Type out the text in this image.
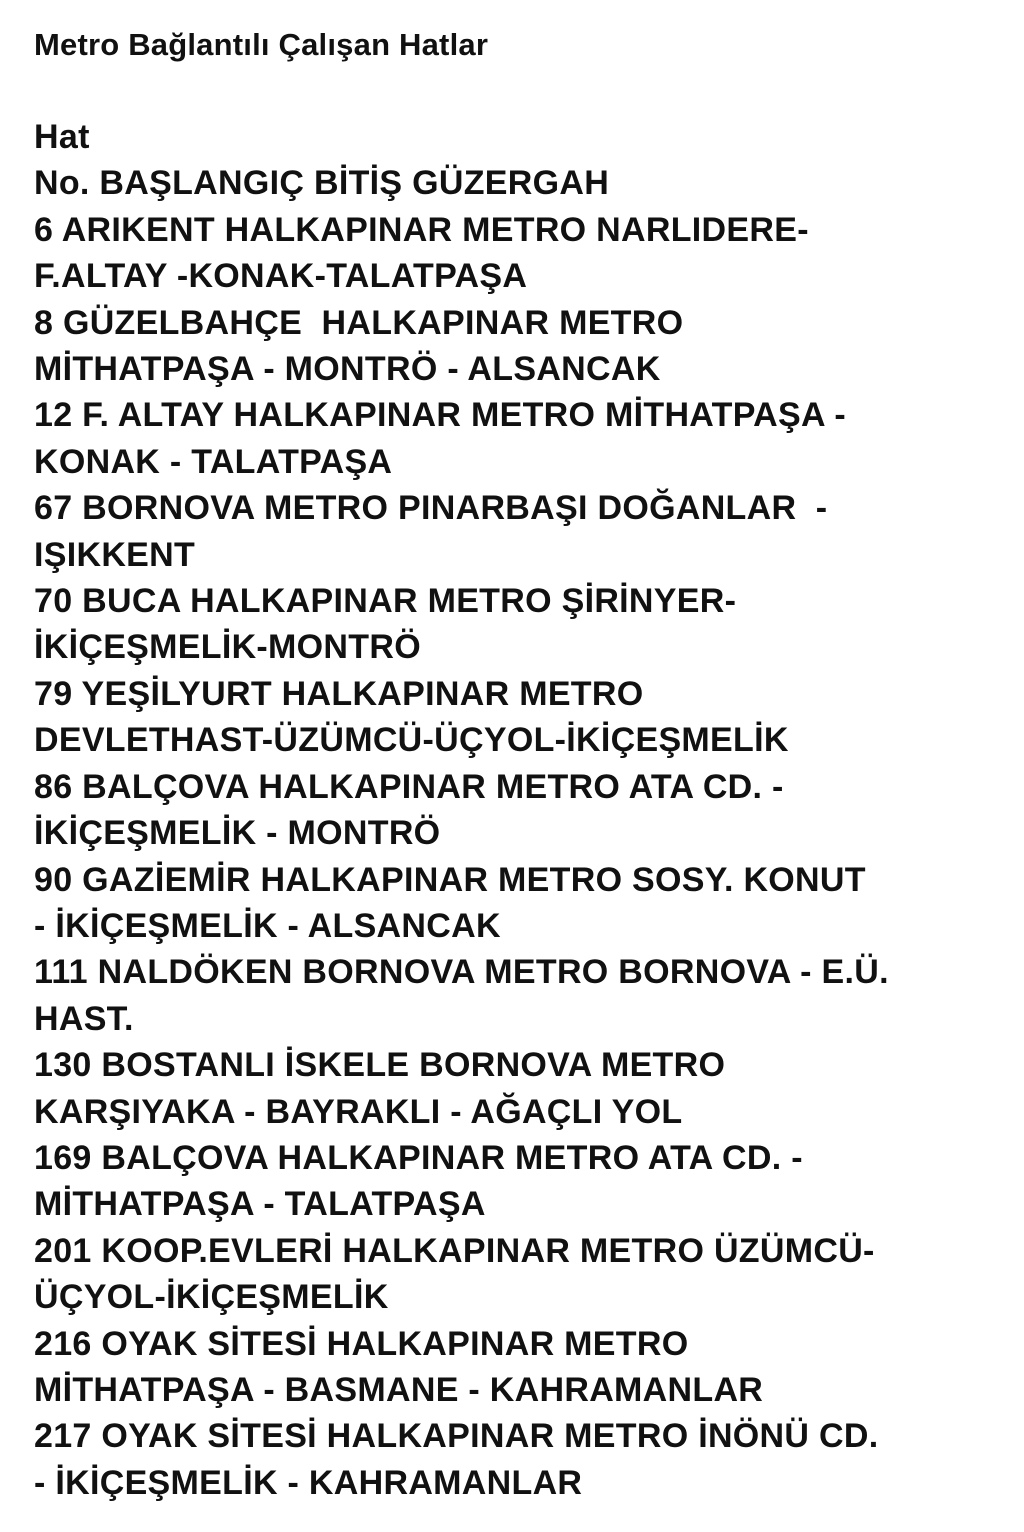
Metro Bağlantılı Çalışan Hatlar
Hat
No. BAŞLANGIÇ BİTİŞ GÜZERGAH
6 ARIKENT HALKAPINAR METRO NARLIDERE-
F.ALTAY -KONAK-TALATPAŞA
8 GÜZELBAHÇE  HALKAPINAR METRO
MİTHATPAŞA - MONTRÖ - ALSANCAK
12 F. ALTAY HALKAPINAR METRO MİTHATPAŞA -
KONAK - TALATPAŞA
67 BORNOVA METRO PINARBAŞI DOĞANLAR  -
IŞIKKENT
70 BUCA HALKAPINAR METRO ŞİRİNYER-
İKİÇEŞMELİK-MONTRÖ
79 YEŞİLYURT HALKAPINAR METRO
DEVLETHAST-ÜZÜMCÜ-ÜÇYOL-İKİÇEŞMELİK
86 BALÇOVA HALKAPINAR METRO ATA CD. -
İKİÇEŞMELİK - MONTRÖ
90 GAZİEMİR HALKAPINAR METRO SOSY. KONUT
- İKİÇEŞMELİK - ALSANCAK
111 NALDÖKEN BORNOVA METRO BORNOVA - E.Ü.
HAST.
130 BOSTANLI İSKELE BORNOVA METRO
KARŞIYAKA - BAYRAKLI - AĞAÇLI YOL
169 BALÇOVA HALKAPINAR METRO ATA CD. -
MİTHATPAŞA - TALATPAŞA
201 KOOP.EVLERİ HALKAPINAR METRO ÜZÜMCÜ-
ÜÇYOL-İKİÇEŞMELİK
216 OYAK SİTESİ HALKAPINAR METRO
MİTHATPAŞA - BASMANE - KAHRAMANLAR
217 OYAK SİTESİ HALKAPINAR METRO İNÖNÜ CD.
- İKİÇEŞMELİK - KAHRAMANLAR
